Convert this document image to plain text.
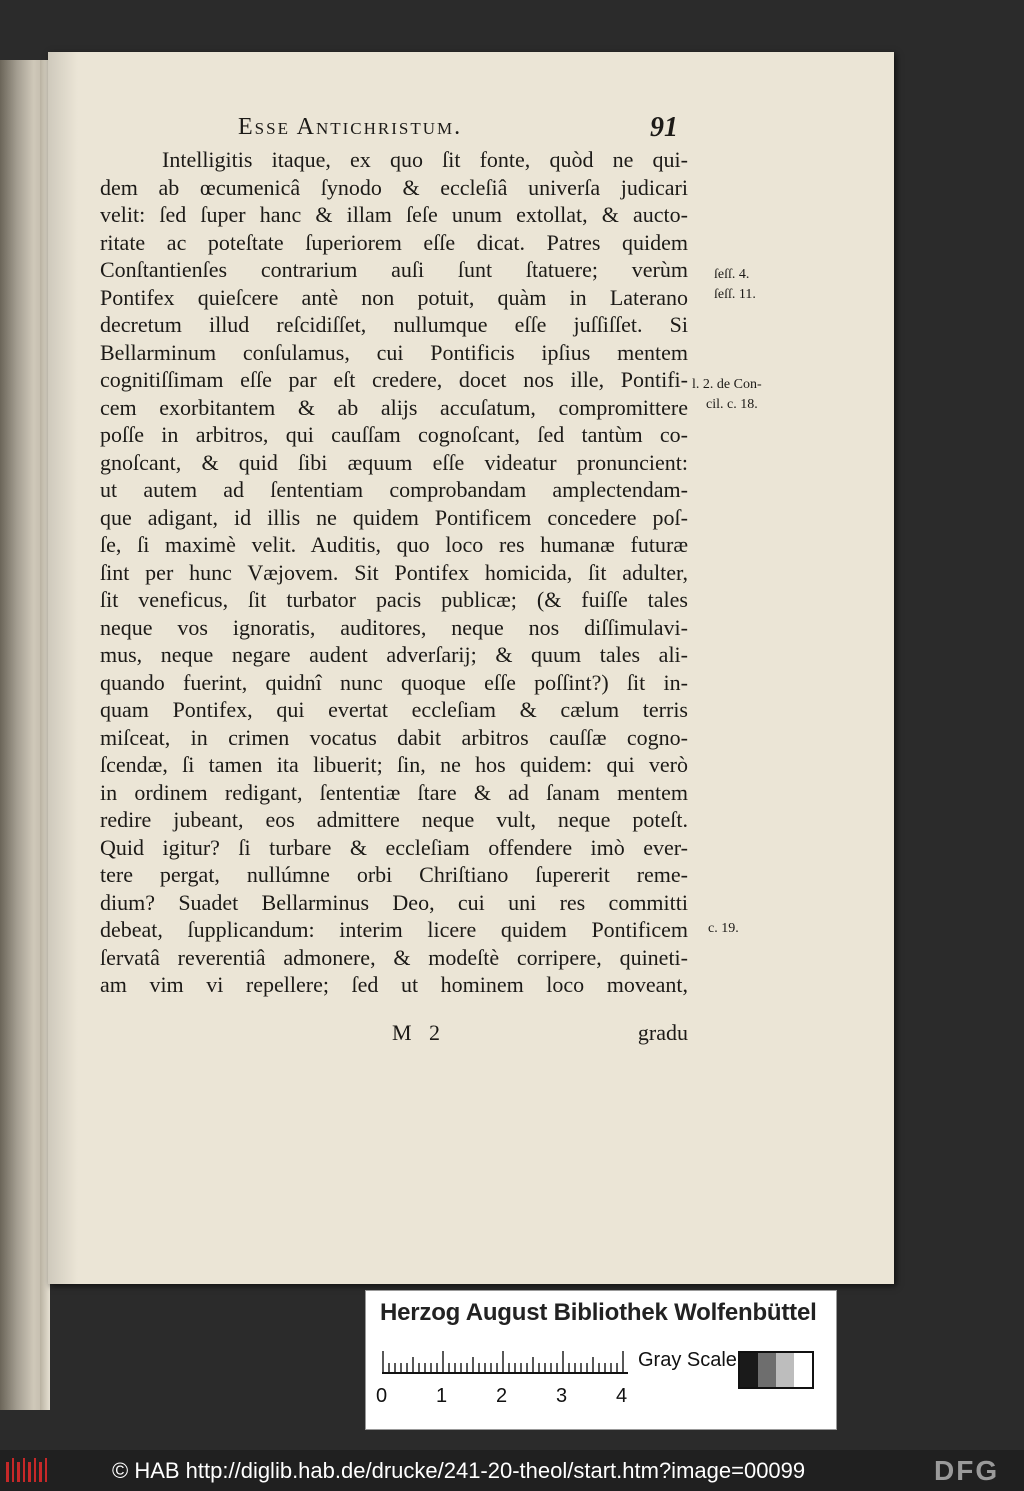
Esse Antichristum.	91
Intelligitis itaque, ex quo ſit fonte, quòd ne qui-
dem ab œcumenicâ ſynodo & eccleſiâ univerſa judicari
velit: ſed ſuper hanc & illam ſeſe unum extollat, & aucto-
ritate ac poteſtate ſuperiorem eſſe dicat. Patres quidem
Conſtantienſes contrarium auſi ſunt ſtatuere; verùm
Pontifex quieſcere antè non potuit, quàm in Laterano
decretum illud reſcidiſſet, nullumque eſſe juſſiſſet. Si
Bellarminum conſulamus, cui Pontificis ipſius mentem
cognitiſſimam eſſe par eſt credere, docet nos ille, Pontifi-
cem exorbitantem & ab alijs accuſatum, compromittere
poſſe in arbitros, qui cauſſam cognoſcant, ſed tantùm co-
gnoſcant, & quid ſibi æquum eſſe videatur pronuncient:
ut autem ad ſententiam comprobandam amplectendam-
que adigant, id illis ne quidem Pontificem concedere poſ-
ſe, ſi maximè velit. Auditis, quo loco res humanæ futuræ
ſint per hunc Væjovem. Sit Pontifex homicida, ſit adulter,
ſit veneficus, ſit turbator pacis publicæ; (& fuiſſe tales
neque vos ignoratis, auditores, neque nos diſſimulavi-
mus, neque negare audent adverſarij; & quum tales ali-
quando fuerint, quidnî nunc quoque eſſe poſſint?) ſit in-
quam Pontifex, qui evertat eccleſiam & cælum terris
miſceat, in crimen vocatus dabit arbitros cauſſæ cogno-
ſcendæ, ſi tamen ita libuerit; ſin, ne hos quidem: qui verò
in ordinem redigant, ſententiæ ſtare & ad ſanam mentem
redire jubeant, eos admittere neque vult, neque poteſt.
Quid igitur? ſi turbare & eccleſiam offendere imò ever-
tere pergat, nullúmne orbi Chriſtiano ſupererit reme-
dium? Suadet Bellarminus Deo, cui uni res committi
debeat, ſupplicandum: interim licere quidem Pontificem
ſervatâ reverentiâ admonere, & modeſtè corripere, quineti-
am vim vi repellere; ſed ut hominem loco moveant,
ſeſſ. 4.
ſeſſ. 11.
l. 2. de Con-
cil. c. 18.
c. 19.
M 2	gradu
Herzog August Bibliothek Wolfenbüttel
0 1 2 3 4
Gray Scale
© HAB http://diglib.hab.de/drucke/241-20-theol/start.htm?image=00099	DFG
